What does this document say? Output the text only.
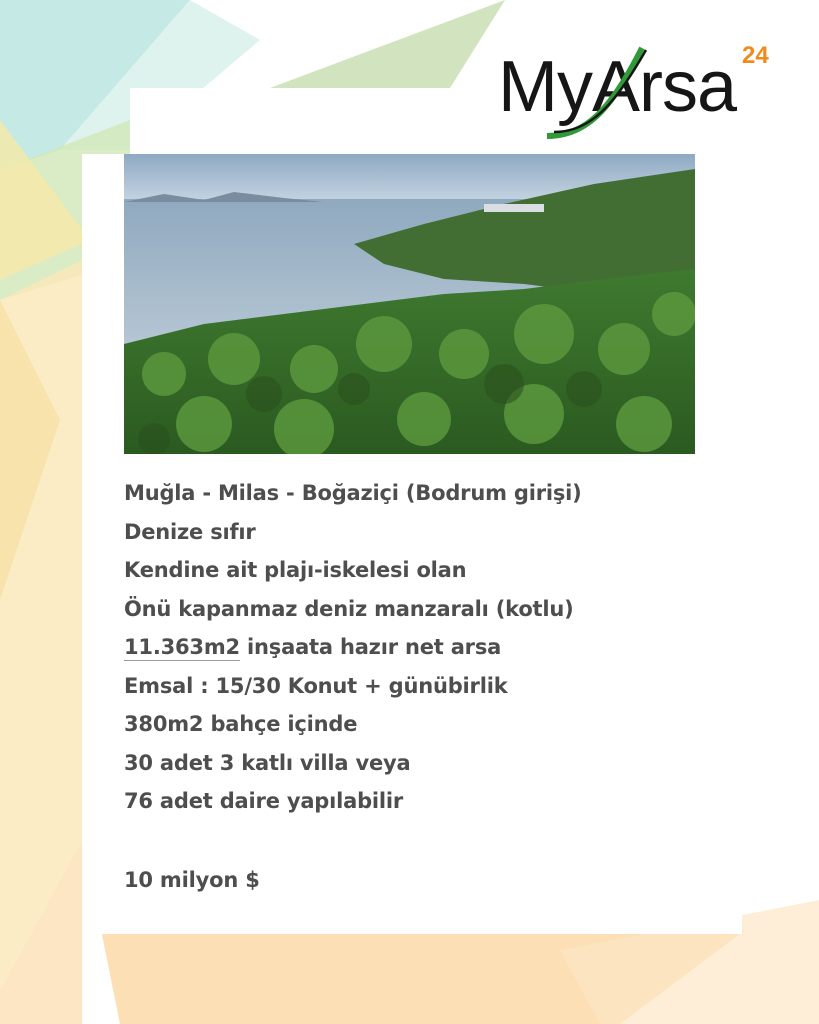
MyArsa 24
Muğla - Milas - Boğaziçi (Bodrum girişi)
Denize sıfır
Kendine ait plajı-iskelesi olan
Önü kapanmaz deniz manzaralı (kotlu)
11.363m2 inşaata hazır net arsa
Emsal : 15/30 Konut + günübirlik
380m2 bahçe içinde
30 adet 3 katlı villa veya
76 adet daire yapılabilir
10 milyon $
